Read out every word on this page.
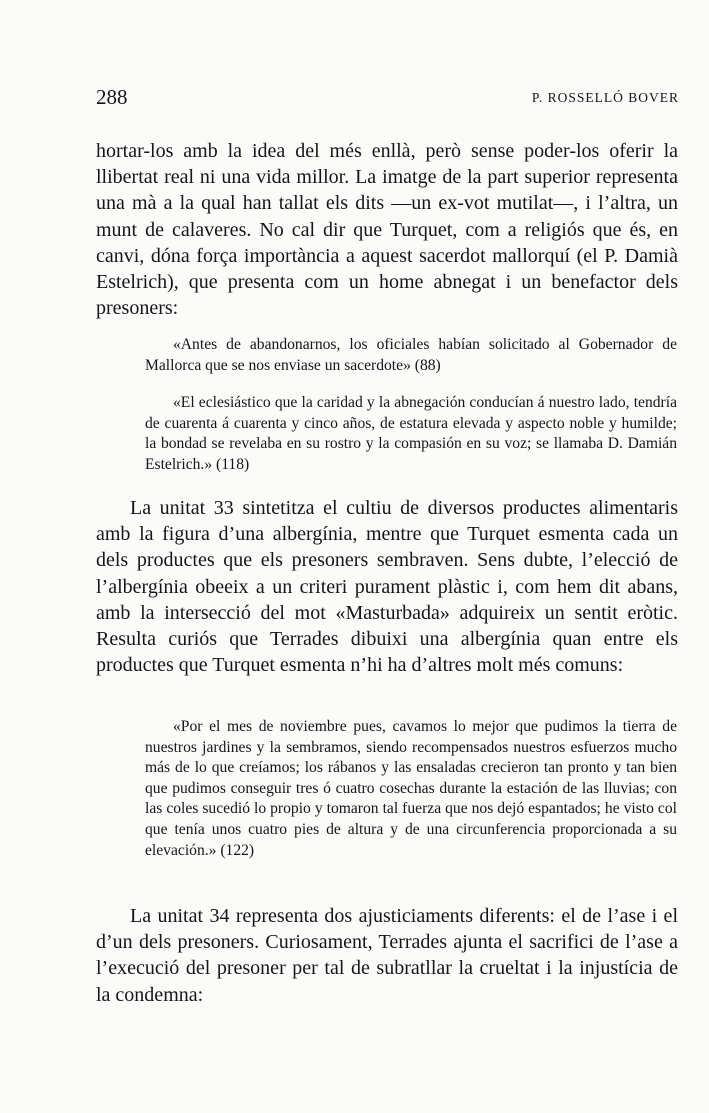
288	P. ROSSELLÓ BOVER

hortar-los amb la idea del més enllà, però sense poder-los oferir la llibertat real ni una vida millor. La imatge de la part superior representa una mà a la qual han tallat els dits —un ex-vot mutilat—, i l’altra, un munt de calaveres. No cal dir que Turquet, com a religiós que és, en canvi, dóna força importància a aquest sacerdot mallorquí (el P. Damià Estelrich), que presenta com un home abnegat i un benefactor dels presoners:

«Antes de abandonarnos, los oficiales habían solicitado al Gobernador de Mallorca que se nos enviase un sacerdote» (88)

«El eclesiástico que la caridad y la abnegación conducían á nuestro lado, tendría de cuarenta á cuarenta y cinco años, de estatura elevada y aspecto noble y humilde; la bondad se revelaba en su rostro y la compasión en su voz; se llamaba D. Damián Estelrich.» (118)

La unitat 33 sintetitza el cultiu de diversos productes alimentaris amb la figura d’una albergínia, mentre que Turquet esmenta cada un dels productes que els presoners sembraven. Sens dubte, l’elecció de l’albergínia obeeix a un criteri purament plàstic i, com hem dit abans, amb la intersecció del mot «Masturbada» adquireix un sentit eròtic. Resulta curiós que Terrades dibuixi una albergínia quan entre els productes que Turquet esmenta n’hi ha d’altres molt més comuns:

«Por el mes de noviembre pues, cavamos lo mejor que pudimos la tierra de nuestros jardines y la sembramos, siendo recompensados nuestros esfuerzos mucho más de lo que creíamos; los rábanos y las ensaladas crecieron tan pronto y tan bien que pudimos conseguir tres ó cuatro cosechas durante la estación de las lluvias; con las coles sucedió lo propio y tomaron tal fuerza que nos dejó espantados; he visto col que tenía unos cuatro pies de altura y de una circunferencia proporcionada a su elevación.» (122)

La unitat 34 representa dos ajusticiaments diferents: el de l’ase i el d’un dels presoners. Curiosament, Terrades ajunta el sacrifici de l’ase a l’execució del presoner per tal de subratllar la crueltat i la injustícia de la condemna:
